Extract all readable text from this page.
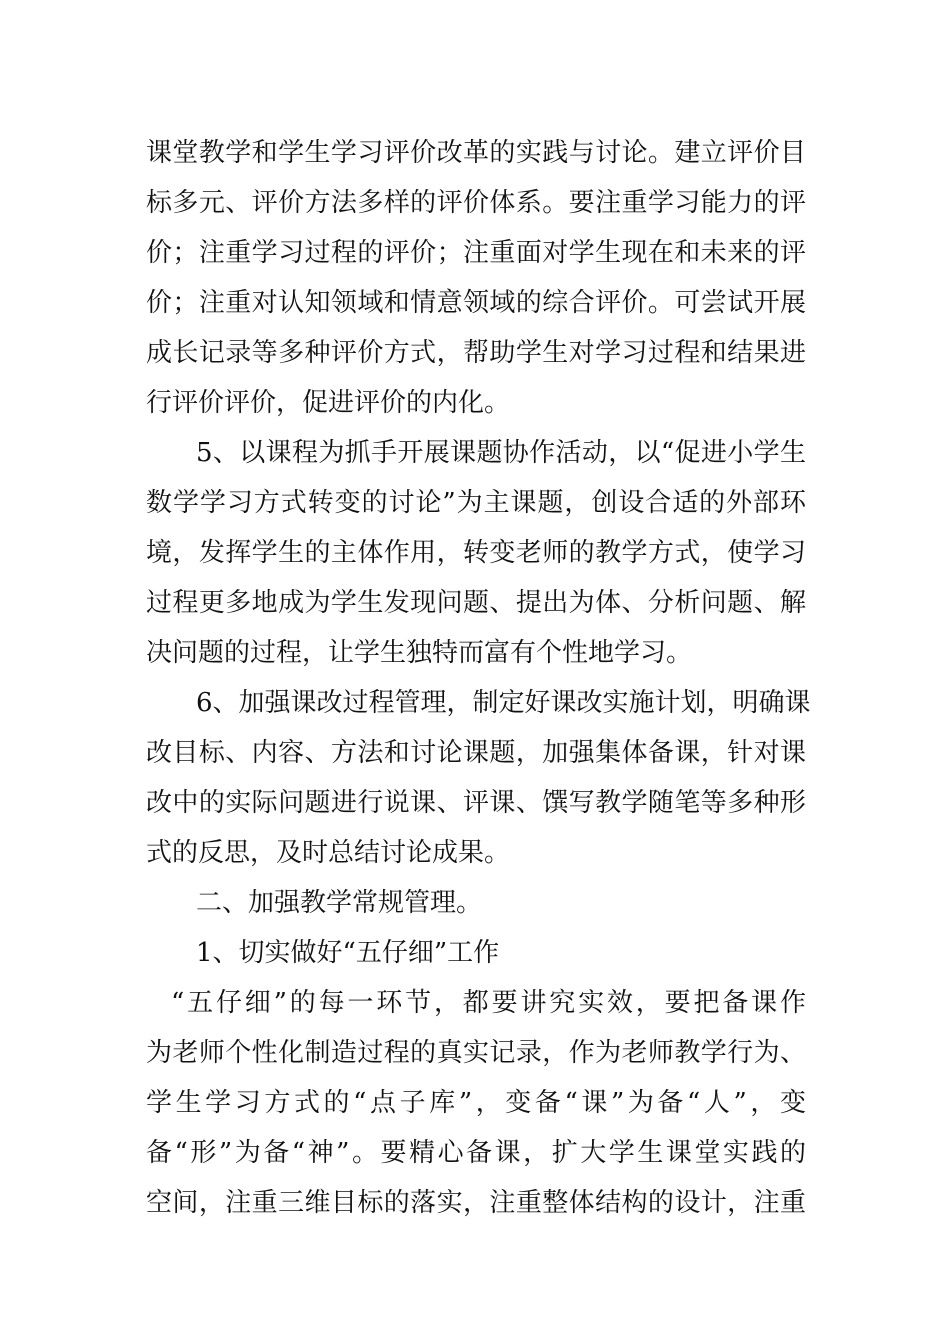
课堂教学和学生学习评价改革的实践与讨论。建立评价目
标多元、评价方法多样的评价体系。要注重学习能力的评
价；注重学习过程的评价；注重面对学生现在和未来的评
价；注重对认知领域和情意领域的综合评价。可尝试开展
成长记录等多种评价方式，帮助学生对学习过程和结果进
行评价评价，促进评价的内化。
5、以课程为抓手开展课题协作活动，以“促进小学生
数学学习方式转变的讨论”为主课题，创设合适的外部环
境，发挥学生的主体作用，转变老师的教学方式，使学习
过程更多地成为学生发现问题、提出为体、分析问题、解
决问题的过程，让学生独特而富有个性地学习。
6、加强课改过程管理，制定好课改实施计划，明确课
改目标、内容、方法和讨论课题，加强集体备课，针对课
改中的实际问题进行说课、评课、馔写教学随笔等多种形
式的反思，及时总结讨论成果。
二、加强教学常规管理。
1、切实做好“五仔细”工作
“五仔细”的每一环节，都要讲究实效，要把备课作
为老师个性化制造过程的真实记录，作为老师教学行为、
学生学习方式的“点子库”，变备“课”为备“人”，变
备“形”为备“神”。要精心备课，扩大学生课堂实践的
空间，注重三维目标的落实，注重整体结构的设计，注重
